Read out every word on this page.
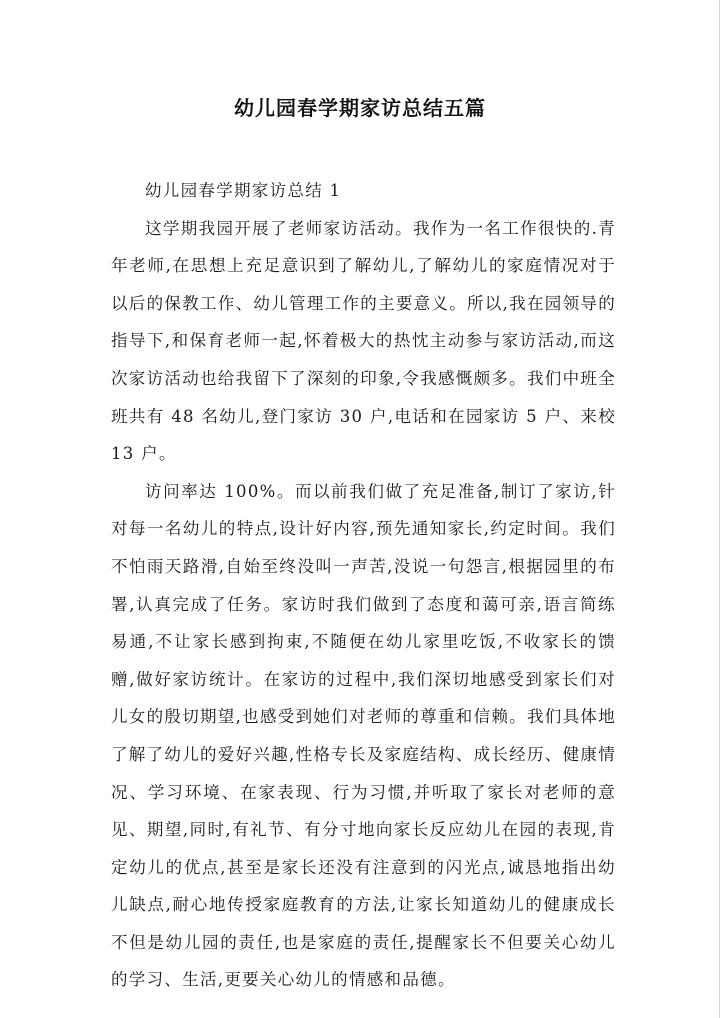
幼儿园春学期家访总结五篇
幼儿园春学期家访总结 1

这学期我园开展了老师家访活动。我作为一名工作很快的.青年老师,在思想上充足意识到了解幼儿,了解幼儿的家庭情况对于以后的保教工作、幼儿管理工作的主要意义。所以,我在园领导的指导下,和保育老师一起,怀着极大的热忱主动参与家访活动,而这次家访活动也给我留下了深刻的印象,令我感慨颇多。我们中班全班共有 48 名幼儿,登门家访 30 户,电话和在园家访 5 户、来校 13 户。

访问率达 100%。而以前我们做了充足准备,制订了家访,针对每一名幼儿的特点,设计好内容,预先通知家长,约定时间。我们不怕雨天路滑,自始至终没叫一声苦,没说一句怨言,根据园里的布署,认真完成了任务。家访时我们做到了态度和蔼可亲,语言简练易通,不让家长感到拘束,不随便在幼儿家里吃饭,不收家长的馈赠,做好家访统计。在家访的过程中,我们深切地感受到家长们对儿女的殷切期望,也感受到她们对老师的尊重和信赖。我们具体地了解了幼儿的爱好兴趣,性格专长及家庭结构、成长经历、健康情况、学习环境、在家表现、行为习惯,并听取了家长对老师的意见、期望,同时,有礼节、有分寸地向家长反应幼儿在园的表现,肯定幼儿的优点,甚至是家长还没有注意到的闪光点,诚恳地指出幼儿缺点,耐心地传授家庭教育的方法,让家长知道幼儿的健康成长不但是幼儿园的责任,也是家庭的责任,提醒家长不但要关心幼儿的学习、生活,更要关心幼儿的情感和品德。
